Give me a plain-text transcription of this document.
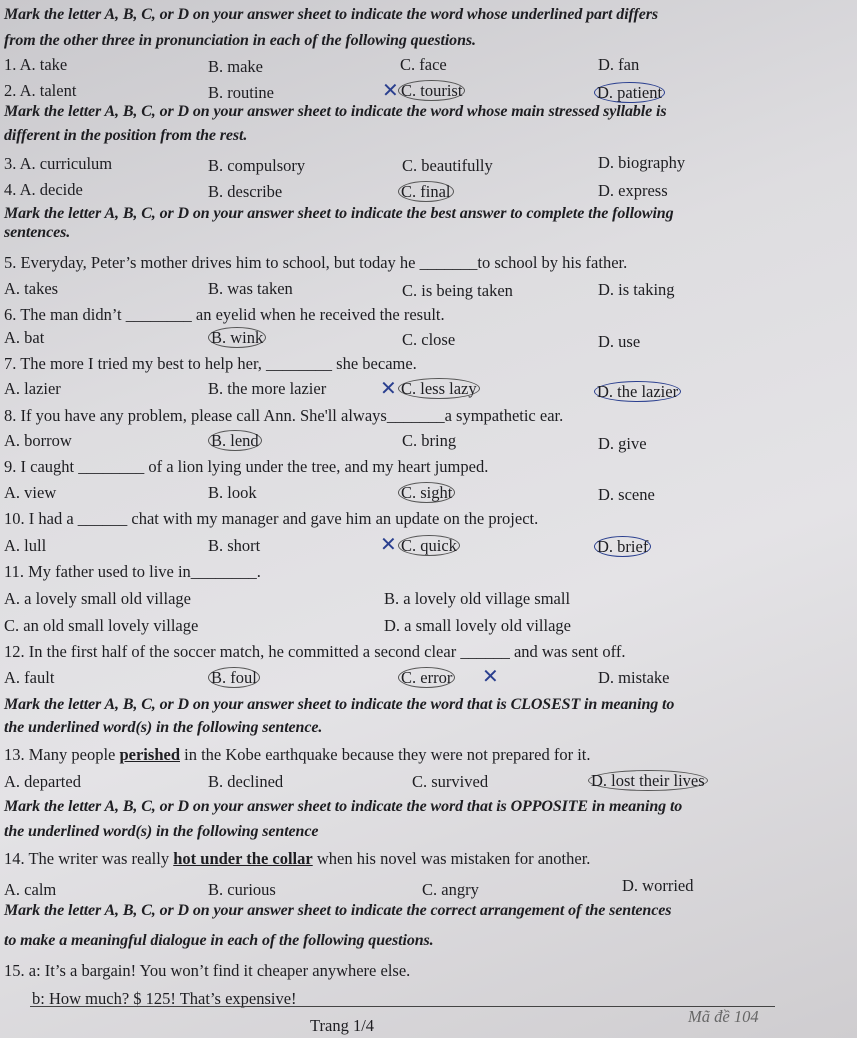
Mark the letter A, B, C, or D on your answer sheet to indicate the word whose underlined part differs
from the other three in pronunciation in each of the following questions.
1. A. take	B. make	C. face	D. fan
2. A. talent	B. routine	✕ C. tourist	D. patient
Mark the letter A, B, C, or D on your answer sheet to indicate the word whose main stressed syllable is
different in the position from the rest.
3. A. curriculum	B. compulsory	C. beautifully	D. biography
4. A. decide	B. describe	C. final	D. express
Mark the letter A, B, C, or D on your answer sheet to indicate the best answer to complete the following
sentences.
5. Everyday, Peter’s mother drives him to school, but today he _______to school by his father.
A. takes	B. was taken	C. is being taken	D. is taking
6. The man didn’t ________ an eyelid when he received the result.
A. bat	B. wink	C. close	D. use
7. The more I tried my best to help her, ________ she became.
A. lazier	B. the more lazier	✕ C. less lazy	D. the lazier
8. If you have any problem, please call Ann. She'll always_______a sympathetic ear.
A. borrow	B. lend	C. bring	D. give
9. I caught ________ of a lion lying under the tree, and my heart jumped.
A. view	B. look	C. sight	D. scene
10. I had a ______ chat with my manager and gave him an update on the project.
A. lull	B. short	✕ C. quick	D. brief
11. My father used to live in________.
A. a lovely small old village	B. a lovely old village small
C. an old small lovely village	D. a small lovely old village
12. In the first half of the soccer match, he committed a second clear ______ and was sent off.
A. fault	B. foul	C. error ✕	D. mistake
Mark the letter A, B, C, or D on your answer sheet to indicate the word that is CLOSEST in meaning to
the underlined word(s) in the following sentence.
13. Many people perished in the Kobe earthquake because they were not prepared for it.
A. departed	B. declined	C. survived	D. lost their lives
Mark the letter A, B, C, or D on your answer sheet to indicate the word that is OPPOSITE in meaning to
the underlined word(s) in the following sentence
14. The writer was really hot under the collar when his novel was mistaken for another.
A. calm	B. curious	C. angry	D. worried
Mark the letter A, B, C, or D on your answer sheet to indicate the correct arrangement of the sentences
to make a meaningful dialogue in each of the following questions.
15. a: It’s a bargain! You won’t find it cheaper anywhere else.
b: How much? $ 125! That’s expensive!
Trang 1/4	Mã đề 104
